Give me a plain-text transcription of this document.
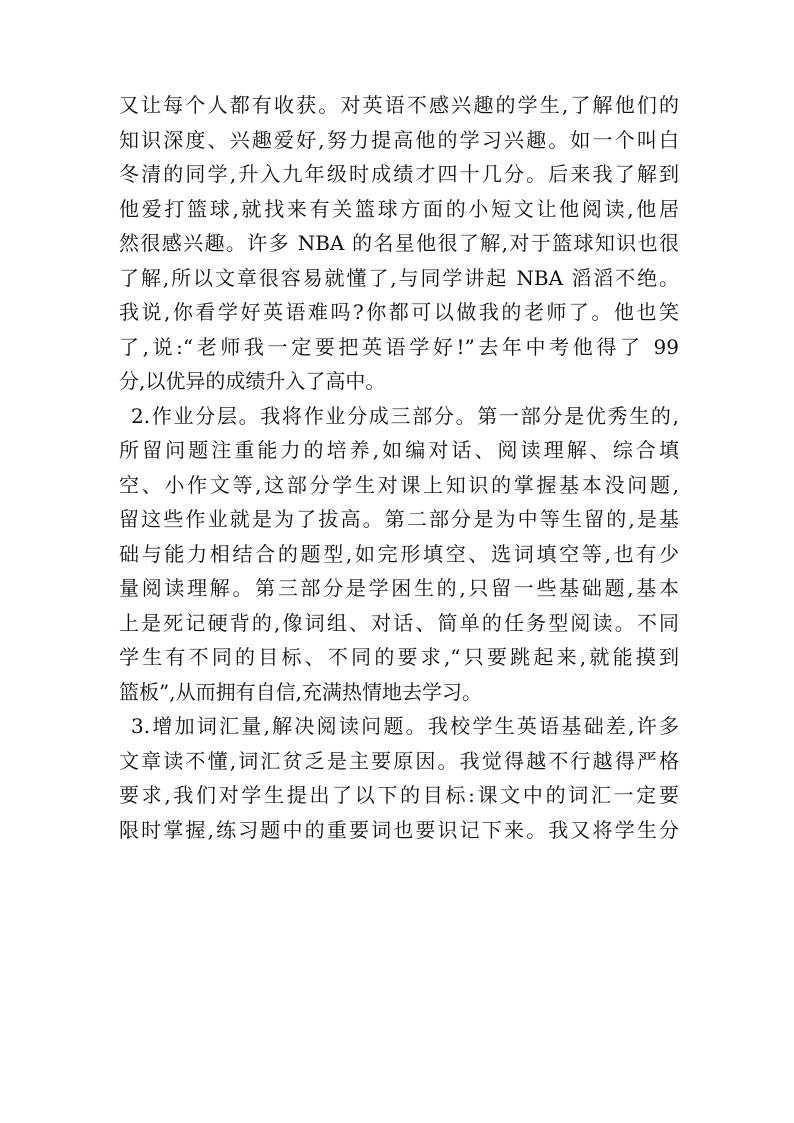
又让每个人都有收获。对英语不感兴趣的学生,了解他们的
知识深度、兴趣爱好,努力提高他的学习兴趣。如一个叫白
冬清的同学,升入九年级时成绩才四十几分。后来我了解到
他爱打篮球,就找来有关篮球方面的小短文让他阅读,他居
然很感兴趣。许多 NBA 的名星他很了解,对于篮球知识也很
了解,所以文章很容易就懂了,与同学讲起 NBA 滔滔不绝。
我说,你看学好英语难吗?你都可以做我的老师了。他也笑
了,说:“老师我一定要把英语学好!”去年中考他得了 99
分,以优异的成绩升入了高中。
2.作业分层。我将作业分成三部分。第一部分是优秀生的,
所留问题注重能力的培养,如编对话、阅读理解、综合填
空、小作文等,这部分学生对课上知识的掌握基本没问题,
留这些作业就是为了拔高。第二部分是为中等生留的,是基
础与能力相结合的题型,如完形填空、选词填空等,也有少
量阅读理解。第三部分是学困生的,只留一些基础题,基本
上是死记硬背的,像词组、对话、简单的任务型阅读。不同
学生有不同的目标、不同的要求,“只要跳起来,就能摸到
篮板”,从而拥有自信,充满热情地去学习。
3.增加词汇量,解决阅读问题。我校学生英语基础差,许多
文章读不懂,词汇贫乏是主要原因。我觉得越不行越得严格
要求,我们对学生提出了以下的目标:课文中的词汇一定要
限时掌握,练习题中的重要词也要识记下来。我又将学生分
